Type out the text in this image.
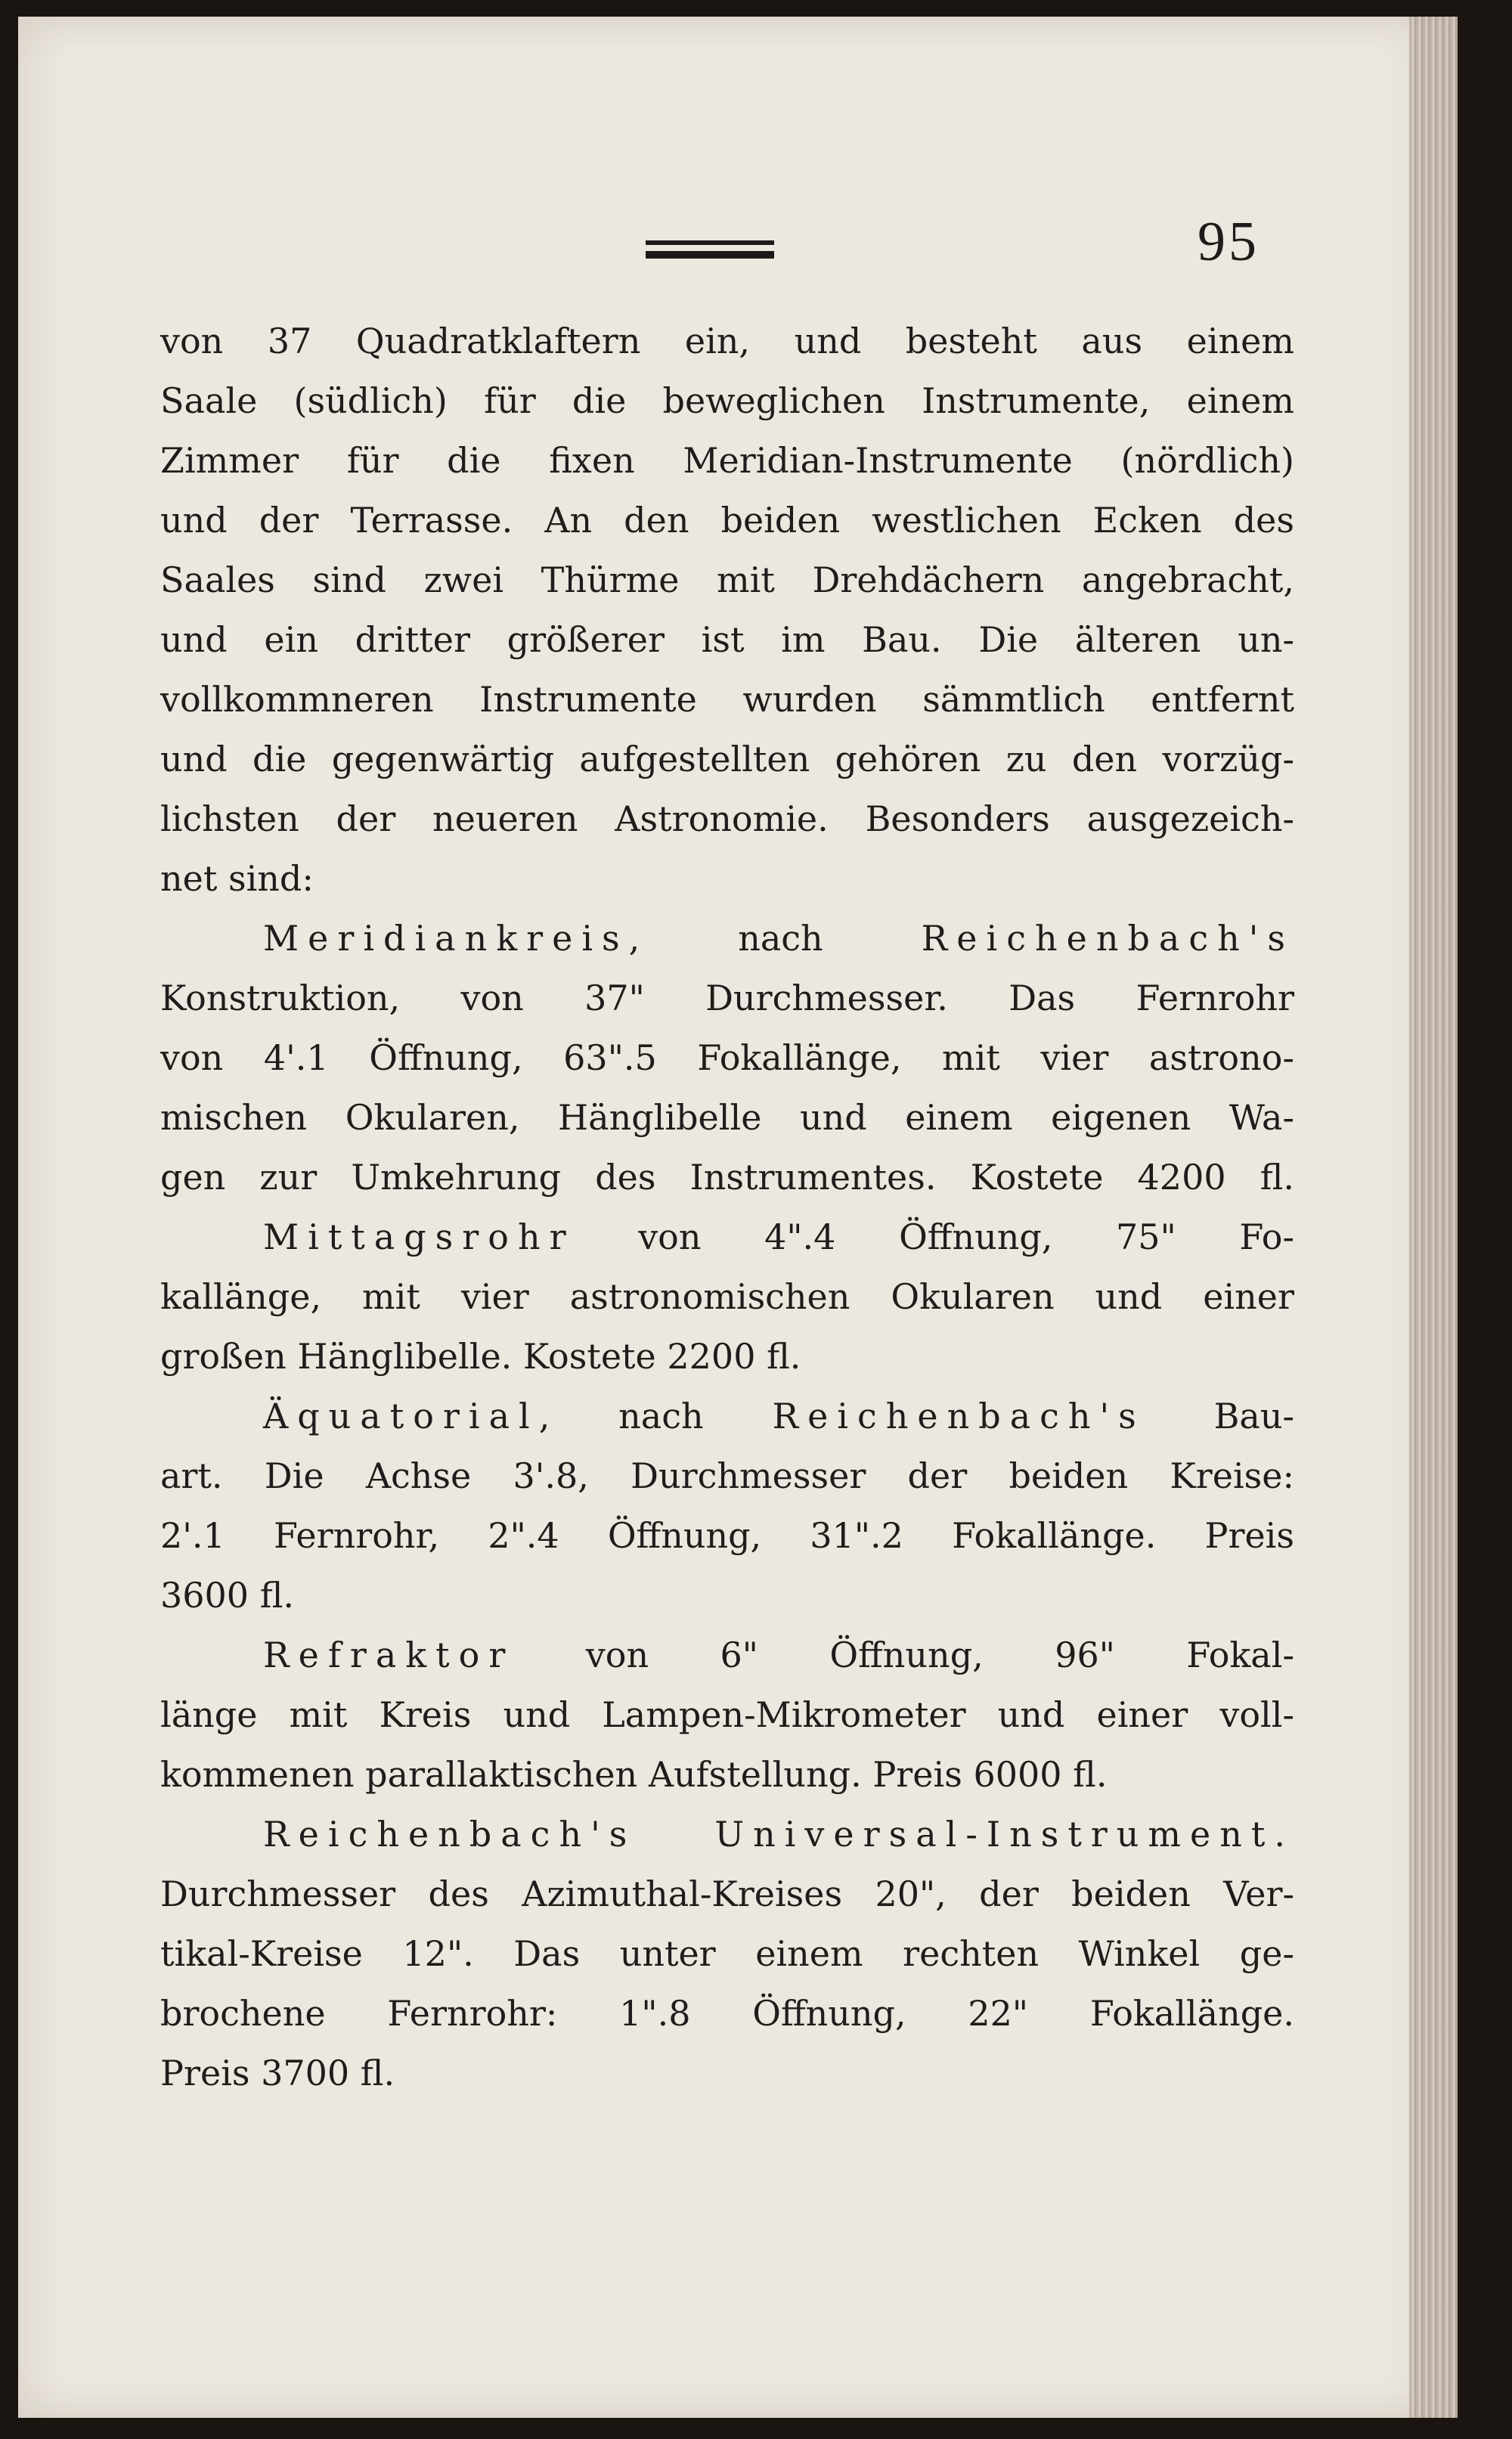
95
von 37 Quadratklaftern ein, und besteht aus einem
Saale (südlich) für die beweglichen Instrumente, einem
Zimmer für die fixen Meridian-Instrumente (nördlich)
und der Terrasse. An den beiden westlichen Ecken des
Saales sind zwei Thürme mit Drehdächern angebracht,
und ein dritter größerer ist im Bau. Die älteren un-
vollkommneren Instrumente wurden sämmtlich entfernt
und die gegenwärtig aufgestellten gehören zu den vorzüg-
lichsten der neueren Astronomie. Besonders ausgezeich-
net sind:
Meridiankreis, nach Reichenbach's
Konstruktion, von 37" Durchmesser. Das Fernrohr
von 4'.1 Öffnung, 63".5 Fokallänge, mit vier astrono-
mischen Okularen, Hänglibelle und einem eigenen Wa-
gen zur Umkehrung des Instrumentes. Kostete 4200 fl.
Mittagsrohr von 4".4 Öffnung, 75" Fo-
kallänge, mit vier astronomischen Okularen und einer
großen Hänglibelle. Kostete 2200 fl.
Äquatorial, nach Reichenbach's Bau-
art. Die Achse 3'.8, Durchmesser der beiden Kreise:
2'.1 Fernrohr, 2".4 Öffnung, 31".2 Fokallänge. Preis
3600 fl.
Refraktor von 6" Öffnung, 96" Fokal-
länge mit Kreis und Lampen-Mikrometer und einer voll-
kommenen parallaktischen Aufstellung. Preis 6000 fl.
Reichenbach's Universal-Instrument.
Durchmesser des Azimuthal-Kreises 20", der beiden Ver-
tikal-Kreise 12". Das unter einem rechten Winkel ge-
brochene Fernrohr: 1".8 Öffnung, 22" Fokallänge.
Preis 3700 fl.
